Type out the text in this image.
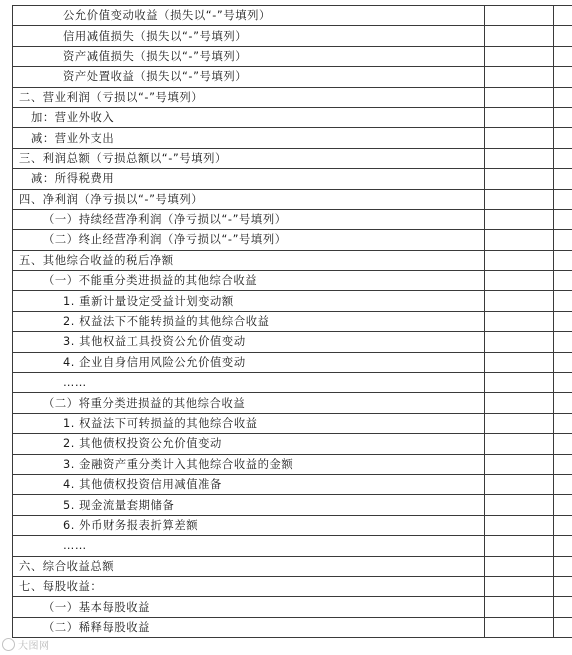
公允价值变动收益（损失以“-”号填列）		
信用减值损失（损失以“-”号填列）		
资产减值损失（损失以“-”号填列）		
资产处置收益（损失以“-”号填列）		
二、营业利润（亏损以“-”号填列）		
加：营业外收入		
减：营业外支出		
三、利润总额（亏损总额以“-”号填列）		
减：所得税费用		
四、净利润（净亏损以“-”号填列）		
（一）持续经营净利润（净亏损以“-”号填列）		
（二）终止经营净利润（净亏损以“-”号填列）		
五、其他综合收益的税后净额		
（一）不能重分类进损益的其他综合收益		
1. 重新计量设定受益计划变动额		
2. 权益法下不能转损益的其他综合收益		
3. 其他权益工具投资公允价值变动		
4. 企业自身信用风险公允价值变动		
……		
（二）将重分类进损益的其他综合收益		
1. 权益法下可转损益的其他综合收益		
2. 其他债权投资公允价值变动		
3. 金融资产重分类计入其他综合收益的金额		
4. 其他债权投资信用减值准备		
5. 现金流量套期储备		
6. 外币财务报表折算差额		
……		
六、综合收益总额		
七、每股收益：		
（一）基本每股收益		
（二）稀释每股收益		
大图网
